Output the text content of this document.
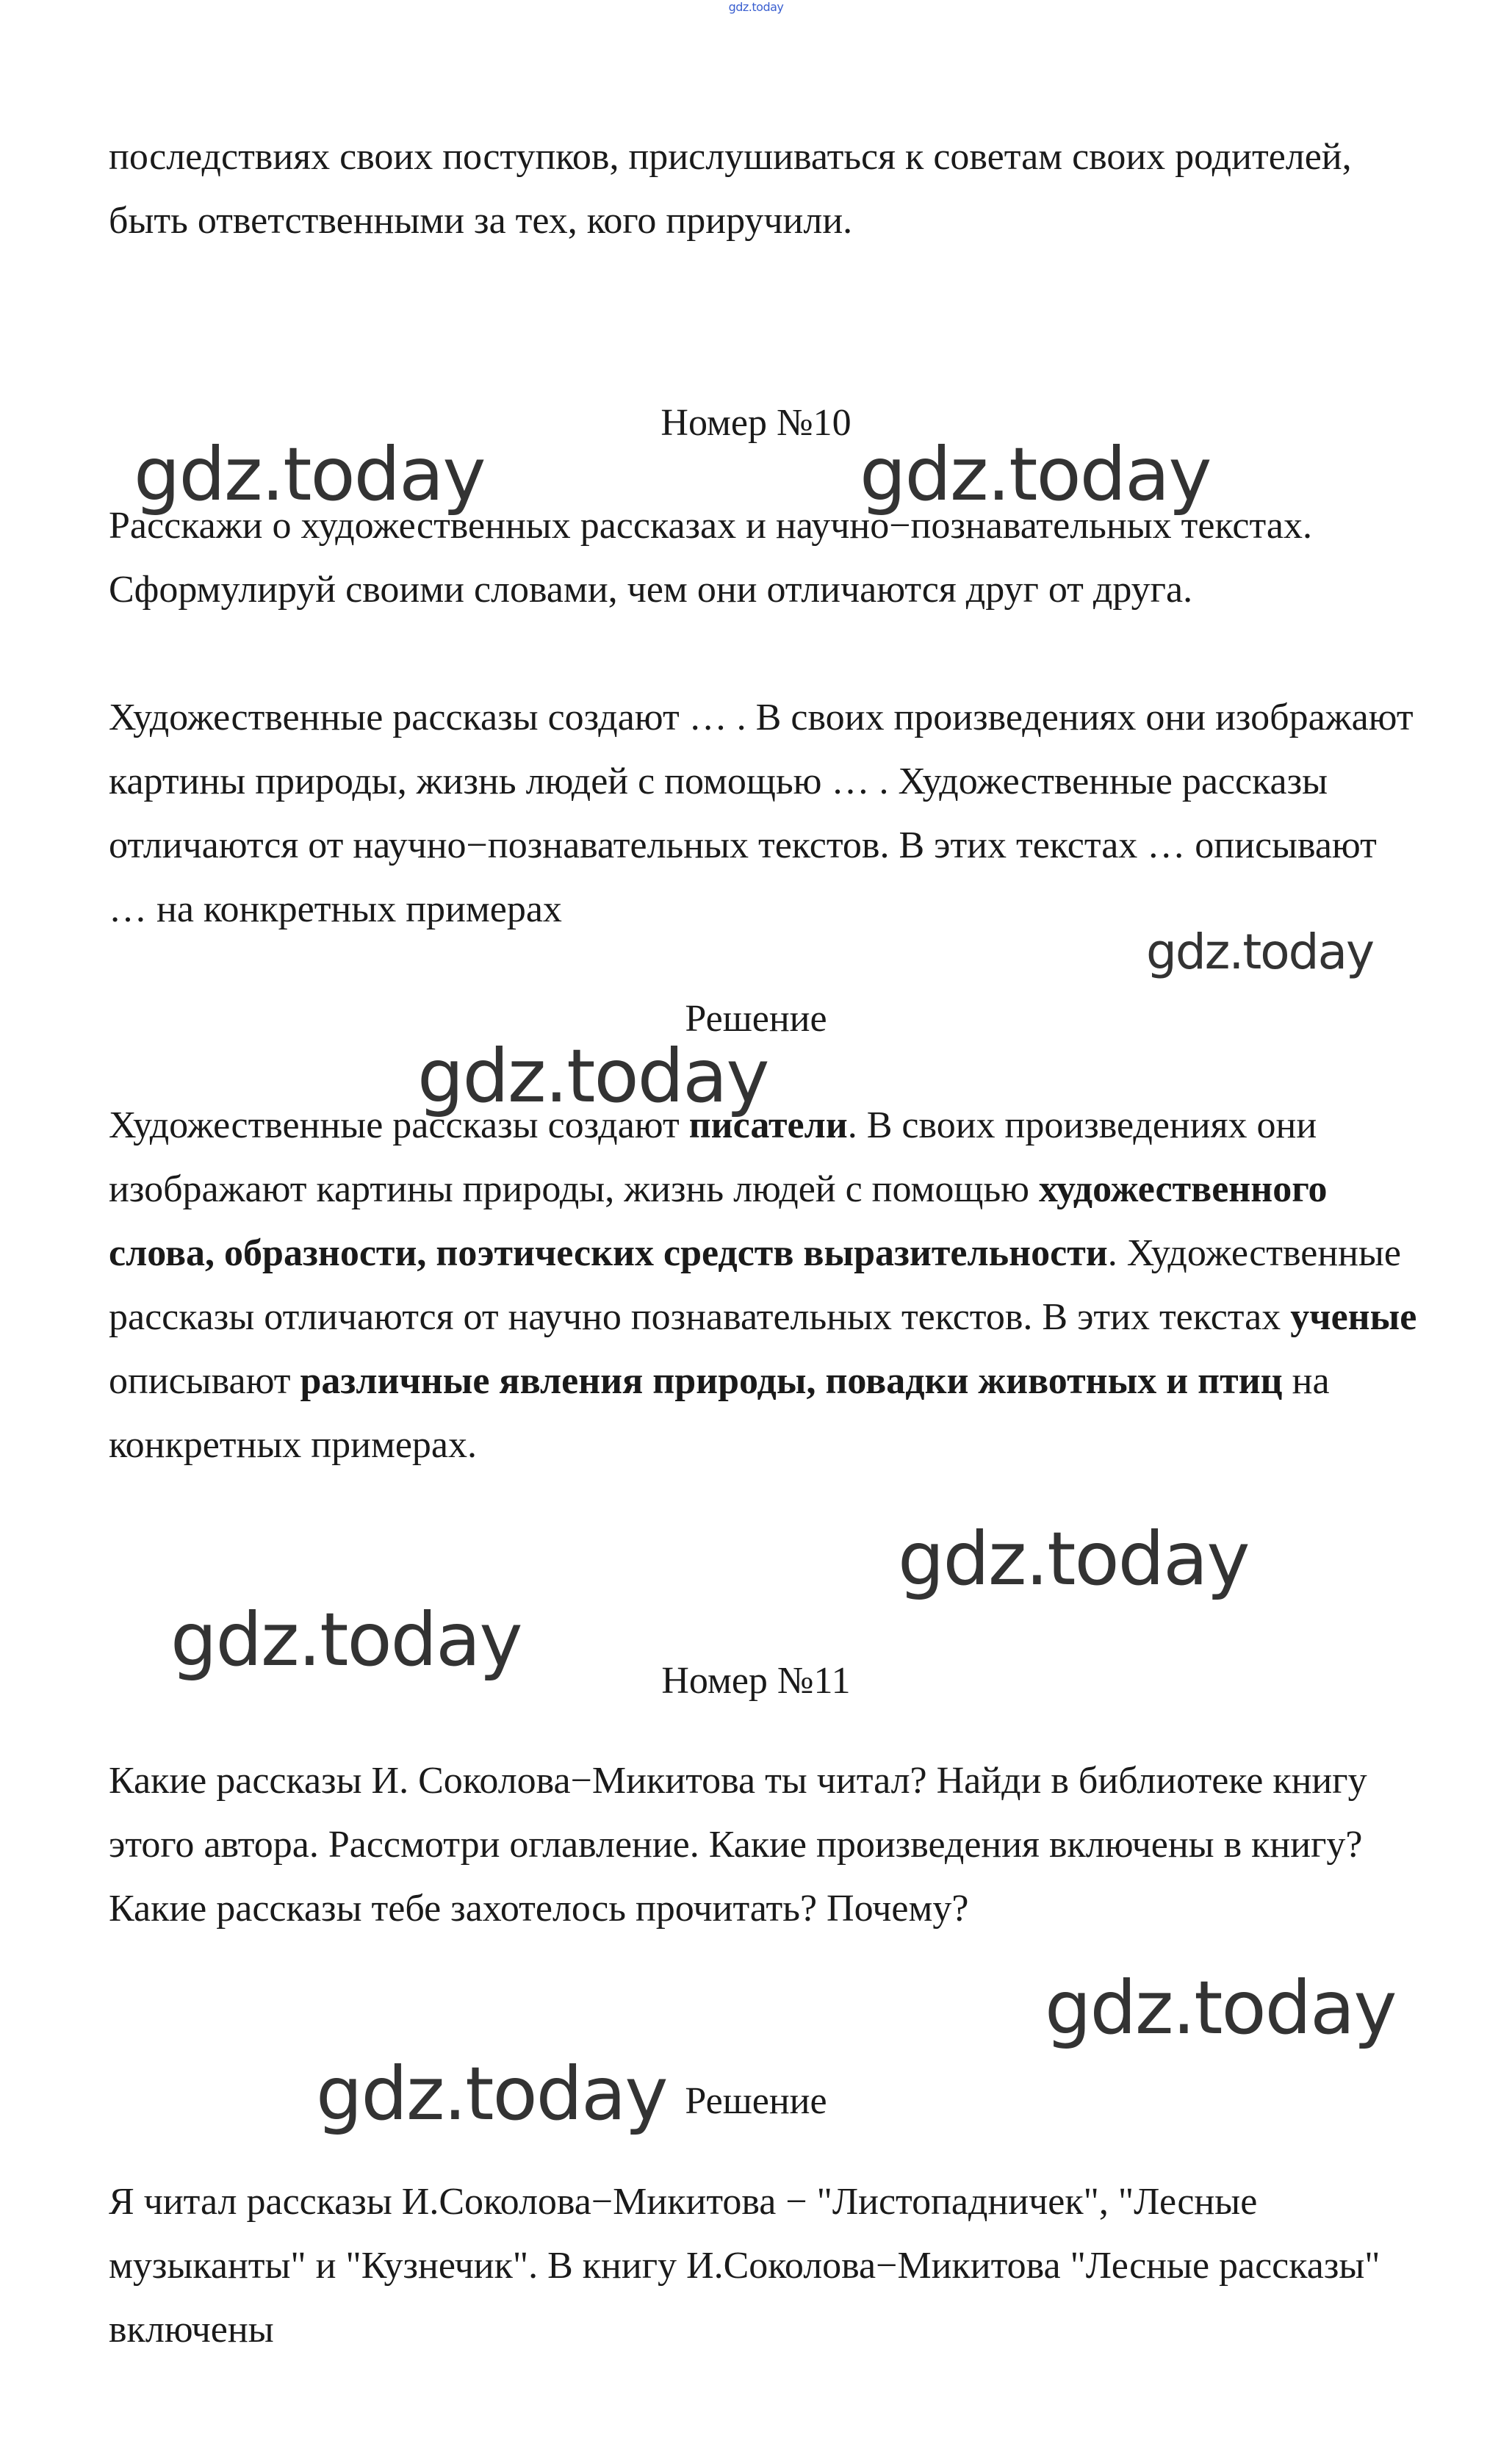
gdz.today

последствиях своих поступков, прислушиваться к советам своих родителей, быть ответственными за тех, кого приручили.

Номер №10

Расскажи о художественных рассказах и научно−познавательных текстах. Сформулируй своими словами, чем они отличаются друг от друга.

Художественные рассказы создают … . В своих произведениях они изображают картины природы, жизнь людей с помощью … . Художественные рассказы отличаются от научно−познавательных текстов. В этих текстах … описывают … на конкретных примерах

Решение

Художественные рассказы создают писатели. В своих произведениях они изображают картины природы, жизнь людей с помощью художественного слова, образности, поэтических средств выразительности. Художественные рассказы отличаются от научно познавательных текстов. В этих текстах ученые описывают различные явления природы, повадки животных и птиц на конкретных примерах.

Номер №11

Какие рассказы И. Соколова−Микитова ты читал? Найди в библиотеке книгу этого автора. Рассмотри оглавление. Какие произведения включены в книгу? Какие рассказы тебе захотелось прочитать? Почему?

Решение

Я читал рассказы И.Соколова−Микитова − "Листопадничек", "Лесные музыканты" и "Кузнечик". В книгу И.Соколова−Микитова "Лесные рассказы" включены

gdz.today	gdz.today
gdz.today
gdz.today
gdz.today
gdz.today
gdz.today
gdz.today
